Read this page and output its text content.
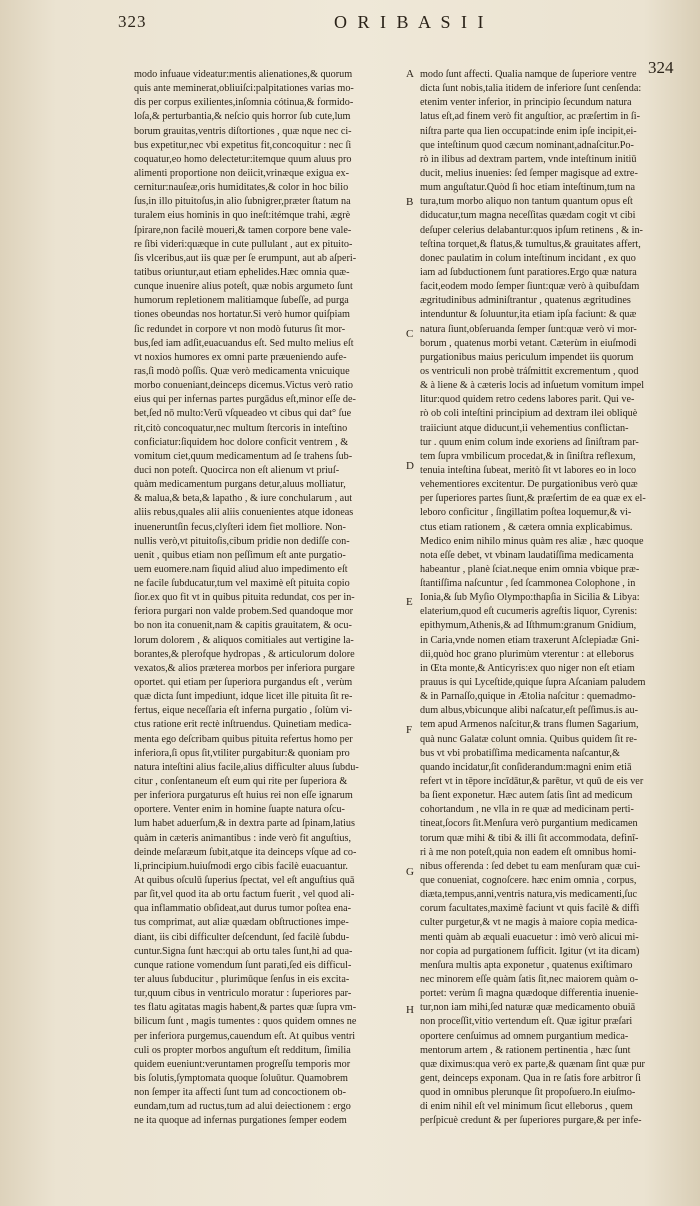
323	O R I B A S I I
324
modo infuaue videatur:mentis alienationes,& quorum
quis ante meminerat,obliuiſci:palpitationes varias mo-
dis per corpus exilientes,inſomnia cótinua,& formido-
loſa,& perturbantia,& neſcio quis horror ſub cute,lum
borum grauitas,ventris diſtortiones , quæ nque nec ci-
bus expetitur,nec vbi expetitus fit,concoquitur : nec ſi
coquatur,eo homo delectetur:itemque quum aluus pro
alimenti proportione non deiicit,vrinæque exigua ex-
cernitur:nauſeæ,oris humiditates,& color in hoc bilio
ſus,in illo pituitoſus,in alio ſubnigrer,præter ſtatum na
turalem eius hominis in quo ineſt:itémque trahi, ægrè
ſpirare,non facilè moueri,& tamen corpore bene vale-
re ſibi videri:quæque in cute pullulant , aut ex pituito-
ſis vlceribus,aut iis quæ per ſe erumpunt, aut ab aſperi-
tatibus oriuntur,aut etiam ephelides.Hæc omnia quæ-
cunque inuenire alius poteſt, quæ nobis argumeto ſunt
humorum repletionem malitiamque ſubeſſe, ad purga
tiones obeundas nos hortatur.Si verò humor quiſpiam
ſic redundet in corpore vt non modò futurus ſit mor-
bus,ſed iam adſit,euacuandus eſt. Sed multo melius eſt
vt noxios humores ex omni parte præueniendo aufe-
ras,ſi modò poſſis. Quæ verò medicamenta vnicuique
morbo conueniant,deinceps dicemus.Victus verò ratio
eius qui per infernas partes purgādus eſt,minor eſſe de-
bet,ſed nō multo:Verū vſqueadeo vt cibus qui dat° ſue
rit,citò concoquatur,nec multum ſtercoris in inteſtino
conficiatur:ſiquidem hoc dolore conficit ventrem , &
vomitum ciet,quum medicamentum ad ſe trahens ſub-
duci non poteſt. Quocirca non eſt alienum vt priuſ-
quàm medicamentum purgans detur,aluus molliatur,
& malua,& beta,& lapatho , & iure conchularum , aut
aliis rebus,quales alii aliis conuenientes atque idoneas
inueneruntſin fecus,clyſteri idem fiet molliore. Non-
nullis verò,vt pituitoſis,cibum pridie non dediſſe con-
uenit , quibus etiam non peſſimum eſt ante purgatio-
uem euomere.nam ſiquid aliud aluo impedimento eſt
ne facile ſubducatur,tum vel maximè eſt pituita copio
ſior.ex quo fit vt in quibus pituita redundat, cos per in-
feriora purgari non valde probem.Sed quandoque mor
bo non ita conuenit,nam & capitis grauitatem, & ocu-
lorum dolorem , & aliquos comitiales aut vertigine la-
borantes,& plerofque hydropas , & articulorum dolore
vexatos,& alios præterea morbos per inferiora purgare
oportet. qui etiam per ſuperiora purgandus eſt , verùm
quæ dicta ſunt impediunt, idque licet ille pituita ſit re-
fertus, eique neceſſaria eſt inferna purgatio , ſolùm vi-
ctus ratione erit rectè inſtruendus. Quinetiam medica-
menta ego deſcribam quibus pituita refertus homo per
inferiora,ſi opus ſit,vtiliter purgabitur:& quoniam pro
natura inteſtini alius facile,alius difficulter aluus ſubdu-
citur , conſentaneum eſt eum qui rite per ſuperiora &
per inferiora purgaturus eſt huius rei non eſſe ignarum
oportere. Venter enim in homine ſuapte natura oſcu-
lum habet aduerſum,& in dextra parte ad ſpinam,latius
quàm in cæteris animantibus : inde verò fit anguſtius,
deinde meſaræum ſubit,atque ita deinceps vſque ad co-
li,principium.huiuſmodi ergo cibis facilè euacuantur.
At quibus oſculū ſuperius ſpectat, vel eſt anguſtius quā
par ſit,vel quod ita ab ortu factum fuerit , vel quod ali-
qua inflammatio obſideat,aut durus tumor poſtea ena-
tus comprimat, aut aliæ quædam obſtructiones impe-
diant, iis cibi difficulter deſcendunt, ſed facilè ſubdu-
cuntur.Signa ſunt hæc:qui ab ortu tales ſunt,hi ad qua-
cunque ratione vomendum ſunt parati,ſed eis difficul-
ter aluus ſubducitur , plurimūque ſenſus in eis excita-
tur,quum cibus in ventriculo moratur : ſuperiores par-
tes flatu agitatas magis habent,& partes quæ ſupra vm-
bilicum ſunt , magis tumentes : quos quidem omnes ne
per inferiora purgemus,cauendum eſt. At quibus ventri
culi os propter morbos anguſtum eſt redditum, ſimilia
quidem eueniunt:veruntamen progreſſu temporis mor
bis ſolutis,ſymptomata quoque ſoluūtur. Quamobrem
non ſemper ita affecti ſunt tum ad concoctionem ob-
eundam,tum ad ructus,tum ad alui deiectionem : ergo
ne ita quoque ad infernas purgationes ſemper eodem
modo ſunt affecti. Qualia namque de ſuperiore ventre
dicta ſunt nobis,talia itidem de inferiore ſunt cenſenda:
etenim venter inferior, in principio ſecundum natura
latus eſt,ad finem verò fit anguſtior, ac præſertim in ſi-
niſtra parte qua lien occupat:inde enim ipſe incipit,ei-
que inteſtinum quod cæcum nominant,adnaſcitur.Po-
rò in ilibus ad dextram partem, vnde inteſtinum initiū
ducit, melius inuenies: ſed ſemper magisque ad extre-
mum anguſtatur.Quòd ſi hoc etiam inteſtinum,tum na
tura,tum morbo aliquo non tantum quantum opus eſt
diducatur,tum magna neceſſitas quædam cogit vt cibi
deſuper celerius delabantur:quos ipſum retinens , & in-
teſtina torquet,& flatus,& tumultus,& grauitates affert,
donec paulatim in colum inteſtinum incidant , ex quo
iam ad ſubductionem ſunt paratiores.Ergo quæ natura
facit,eodem modo ſemper ſiunt:quæ verò à quibuſdam
ægritudinibus adminiſtrantur , quatenus ægritudines
intenduntur & ſoluuntur,ita etiam ipſa faciunt: & quæ
natura ſiunt,obſeruanda ſemper ſunt:quæ verò vi mor-
borum , quatenus morbi vetant. Cæterùm in eiuſmodi
purgationibus maius periculum impendet iis quorum
os ventriculi non probè tráſmittit excrementum , quod
& à liene & à cæteris locis ad inſuetum vomitum impel
litur:quod quidem retro cedens labores parit. Qui ve-
rò ob coli inteſtini principium ad dextram ilei obliquè
traiiciunt atque diducunt,ii vehementius conflictan-
tur . quum enim colum inde exoriens ad ſiniſtram par-
tem ſupra vmbilicum procedat,& in ſiniſtra reflexum,
tenuia inteſtina ſubeat, meritò ſit vt labores eo in loco
vehementiores excitentur. De purgationibus verò quæ
per ſuperiores partes ſiunt,& præſertim de ea quæ ex el-
leboro conficitur , ſingillatim poſtea loquemur,& vi-
ctus etiam rationem , & cætera omnia explicabimus.
Medico enim nihilo minus quàm res aliæ , hæc quoque
nota eſſe debet, vt vbinam laudatiſſima medicamenta
habeantur , planè ſciat.neque enim omnia vbique præ-
ſtantiſſima naſcuntur , ſed ſcammonea Colophone , in
Ionia,& ſub Myſio Olympo:thapſia in Sicilia & Libya:
elaterium,quod eſt cucumeris agreſtis liquor, Cyrenis:
epithymum,Athenis,& ad Iſthmum:granum Gnidium,
in Caria,vnde nomen etiam traxerunt Aſclepiadæ Gni-
dii,quòd hoc grano plurimùm vterentur : at elleborus
in Œta monte,& Anticyris:ex quo niger non eſt etiam
prauus is qui Lyceſtide,quique ſupra Aſcaniam paludem
& in Parnaſſo,quique in Ætolia naſcitur : quemadmo-
dum albus,vbicunque alibi naſcatur,eſt peſſimus.is au-
tem apud Armenos naſcitur,& trans flumen Sagarium,
quà nunc Galatæ colunt omnia. Quibus quidem ſit re-
bus vt vbi probatiſſima medicamenta naſcantur,&
quando incidatur,ſit conſiderandum:magni enim etiā
refert vt in tēpore incīdātur,& parētur, vt quū de eis ver
ba ſient exponetur. Hæc autem ſatis ſint ad medicum
cohortandum , ne vlla in re quæ ad medicinam perti-
tineat,ſocors ſit.Menſura verò purgantium medicamen
torum quæ mihi & tibi & illi ſit accommodata, definī-
ri à me non poteſt,quia non eadem eſt omnibus homi-
nibus offerenda : ſed debet tu eam menſuram quæ cui-
que conueniat, cognoſcere. hæc enim omnia , corpus,
diæta,tempus,anni,ventris natura,vis medicamenti,ſuc
corum facultates,maximè faciunt vt quis facilè & diffi
culter purgetur,& vt ne magis à maiore copia medica-
menti quàm ab æquali euacuetur : imò verò alicui mi-
nor copia ad purgationem ſufficit. Igitur (vt ita dicam)
menſura multis apta exponetur , quatenus exiſtimaro
nec minorem eſſe quàm ſatis ſit,nec maiorem quàm o-
portet: verùm ſi magna quædoque differentia inuenie-
tur,non iam mihi,ſed naturæ quæ medicamento obuiā
non proceſſit,vitio vertendum eſt. Quæ igitur præſari
oportere cenſuimus ad omnem purgantium medica-
mentorum artem , & rationem pertinentia , hæc ſunt
quæ diximus:qua verò ex parte,& quænam ſint quæ pur
gent, deinceps exponam. Qua in re ſatis fore arbitror ſi
quod in omnibus plerunque ſit propoſuero.In eiuſmo-
di enim nihil eſt vel minimum ſicut elleborus , quem
perſpicuè credunt & per ſuperiores purgare,& per infe-
A
B
C
D
E
F
G
H
